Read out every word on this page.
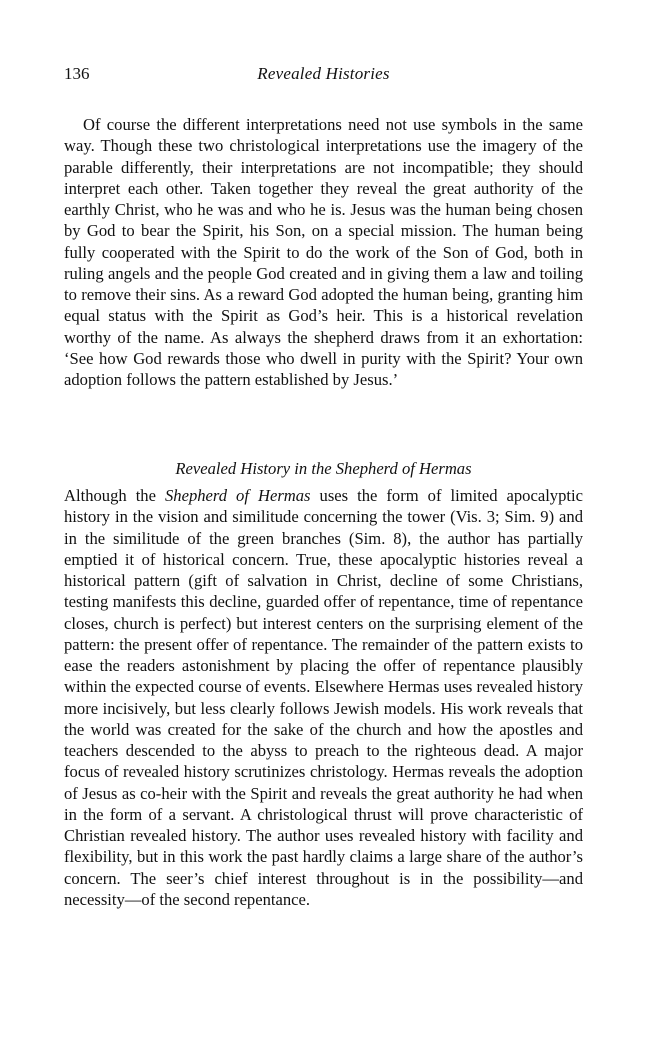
136	Revealed Histories

Of course the different interpretations need not use symbols in the same way. Though these two christological interpretations use the imagery of the parable differently, their interpretations are not incompatible; they should interpret each other. Taken together they reveal the great authority of the earthly Christ, who he was and who he is. Jesus was the human being chosen by God to bear the Spirit, his Son, on a special mission. The human being fully cooperated with the Spirit to do the work of the Son of God, both in ruling angels and the people God created and in giving them a law and toiling to remove their sins. As a reward God adopted the human being, granting him equal status with the Spirit as God’s heir. This is a historical revelation worthy of the name. As always the shepherd draws from it an exhortation: ‘See how God rewards those who dwell in purity with the Spirit? Your own adoption follows the pattern established by Jesus.’

Revealed History in the Shepherd of Hermas

Although the Shepherd of Hermas uses the form of limited apocalyptic history in the vision and similitude concerning the tower (Vis. 3; Sim. 9) and in the similitude of the green branches (Sim. 8), the author has partially emptied it of historical concern. True, these apocalyptic histories reveal a historical pattern (gift of salvation in Christ, decline of some Christians, testing manifests this decline, guarded offer of repentance, time of repentance closes, church is perfect) but interest centers on the surprising element of the pattern: the present offer of repentance. The remainder of the pattern exists to ease the readers astonishment by placing the offer of repentance plausibly within the expected course of events. Elsewhere Hermas uses revealed history more incisively, but less clearly follows Jewish models. His work reveals that the world was created for the sake of the church and how the apostles and teachers descended to the abyss to preach to the righteous dead. A major focus of revealed history scrutinizes christology. Hermas reveals the adoption of Jesus as co-heir with the Spirit and reveals the great authority he had when in the form of a servant. A christological thrust will prove characteristic of Christian revealed history. The author uses revealed history with facility and flexibility, but in this work the past hardly claims a large share of the author’s concern. The seer’s chief interest throughout is in the possibility—and necessity—of the second repentance.
